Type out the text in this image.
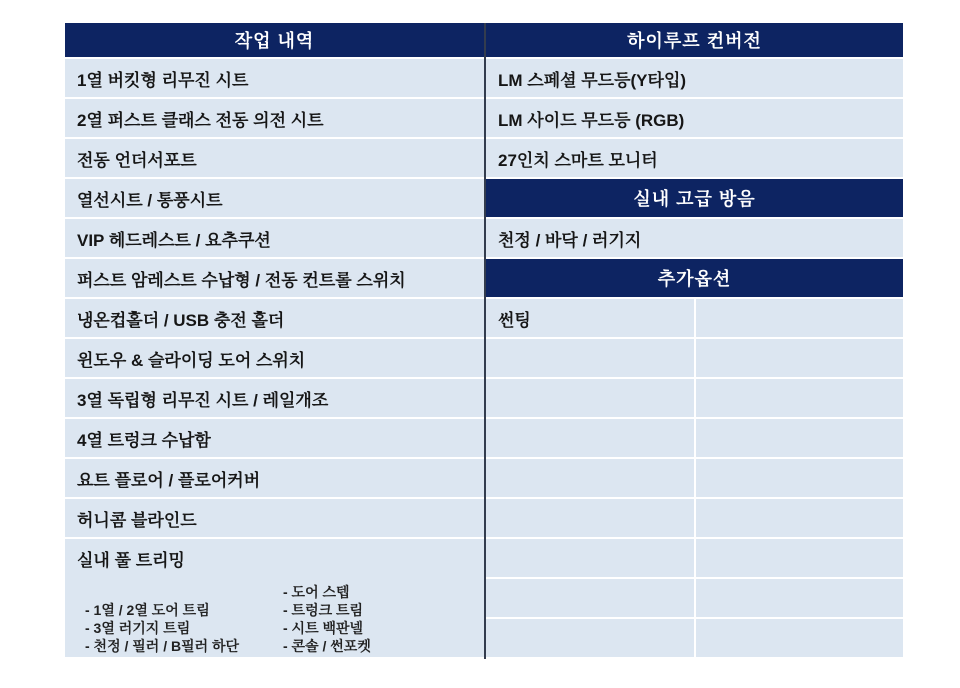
작업 내역
1열 버킷형 리무진 시트
2열 퍼스트 클래스 전동 의전 시트
전동 언더서포트
열선시트 / 통풍시트
VIP 헤드레스트 / 요추쿠션
퍼스트 암레스트 수납형 / 전동 컨트롤 스위치
냉온컵홀더 / USB 충전 홀더
윈도우 & 슬라이딩 도어 스위치
3열 독립형 리무진 시트 / 레일개조
4열 트렁크 수납함
요트 플로어 / 플로어커버
허니콤 블라인드
실내 풀 트리밍
- 1열 / 2열 도어 트림
- 3열 러기지 트림
- 천정 / 필러 / B필러 하단
- 도어 스텝
- 트렁크 트림
- 시트 백판넬
- 콘솔 / 썬포켓
하이루프 컨버전
LM 스페셜 무드등(Y타입)
LM 사이드 무드등 (RGB)
27인치 스마트 모니터
실내 고급 방음
천정 / 바닥 / 러기지
추가옵션
썬팅
